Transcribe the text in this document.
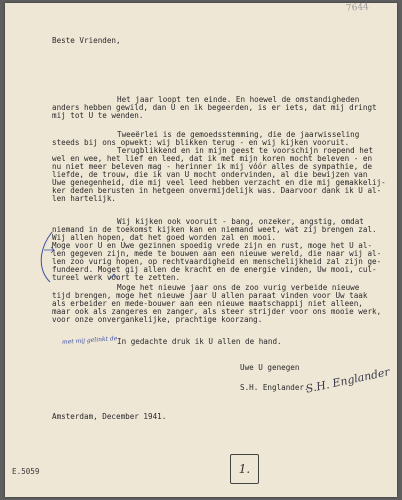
7644
Beste Vrienden,
Het jaar loopt ten einde. En hoewel de omstandigheden
anders hebben gewild, dan U en ik begeerden, is er iets, dat mij dringt
mij tot U te wenden.
Tweeërlei is de gemoedsstemming, die de jaarwisseling
steeds bij ons opwekt: wij blikken terug - en wij kijken vooruit.
Terugblikkend en in mijn geest te voorschijn roepend het
wel en wee, het lief en leed, dat ik met mijn koren mocht beleven - en
nu niet meer beleven mag - herinner ik mij vóór alles de sympathie, de
liefde, de trouw, die ik van U mocht ondervinden, al die bewijzen van
Uwe genegenheid, die mij veel leed hebben verzacht en die mij gemakkelij-
ker deden berusten in hetgeen onvermijdelijk was. Daarvoor dank ik U al-
len hartelijk.
Wij kijken ook vooruit - bang, onzeker, angstig, omdat
niemand in de toekomst kijken kan en niemand weet, wat zij brengen zal.
Wij allen hopen, dat het goed worden zal en mooi.
Moge voor U en Uwe gezinnen spoedig vrede zijn en rust, moge het U al-
len gegeven zijn, mede te bouwen aan een nieuwe wereld, die naar wij al-
len zoo vurig hopen, op rechtvaardigheid en menschelijkheid zal zijn ge-
fundeerd. Moget gij allen de kracht en de energie vinden, Uw mooi, cul-
tureel werk voort te zetten.
Moge het nieuwe jaar ons de zoo vurig verbeide nieuwe
tijd brengen, moge het nieuwe jaar U allen paraat vinden voor Uw taak
als erbeider en mede-bouwer aan een nieuwe maatschappij niet alleen,
maar ook als zangeres en zanger, als steer strijder voor ons mooie werk,
voor onze onvergankelijke, prachtige koorzang.
In gedachte druk ik U allen de hand.
Uwe U genegen S.H. Englander
S.H. Englander.
Amsterdam, December 1941.
met mij gelinkt de
E.5059	1.
